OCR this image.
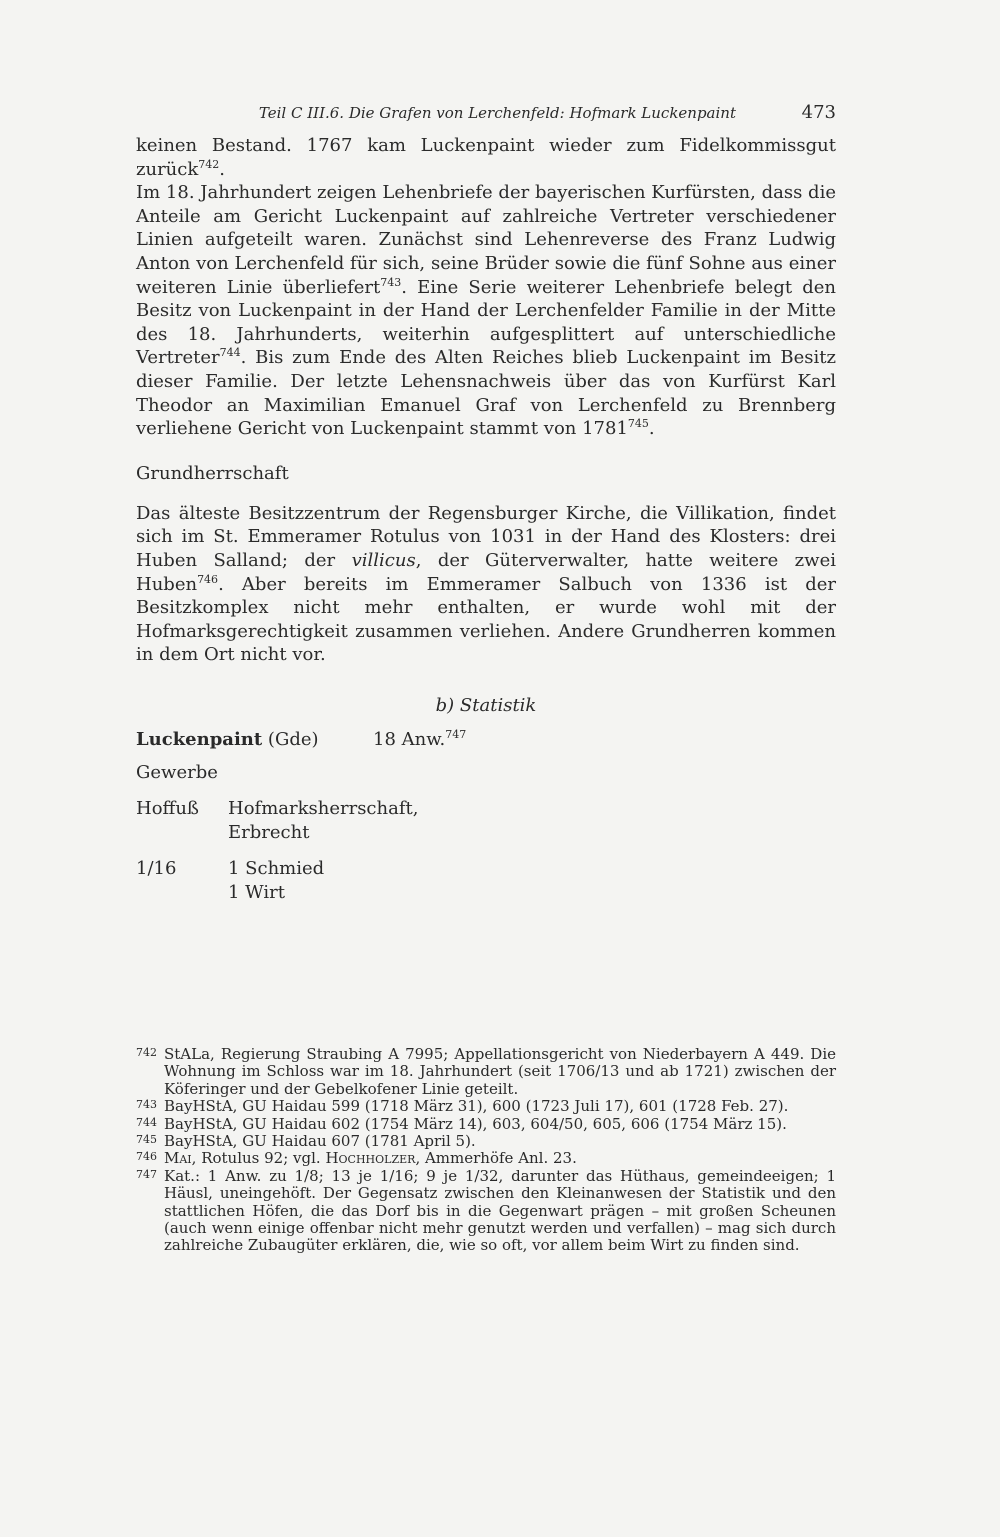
Teil C III.6. Die Grafen von Lerchenfeld: Hofmark Luckenpaint	473

keinen Bestand. 1767 kam Luckenpaint wieder zum Fidelkommissgut zurück$^{742}$.

Im 18. Jahrhundert zeigen Lehenbriefe der bayerischen Kurfürsten, dass die Anteile am Gericht Luckenpaint auf zahlreiche Vertreter verschiedener Linien aufgeteilt waren. Zunächst sind Lehenreverse des Franz Ludwig Anton von Lerchenfeld für sich, seine Brüder sowie die fünf Sohne aus einer weiteren Linie überliefert$^{743}$. Eine Serie weiterer Lehenbriefe belegt den Besitz von Luckenpaint in der Hand der Lerchenfelder Familie in der Mitte des 18. Jahrhunderts, weiterhin aufgesplittert auf unterschiedliche Vertreter$^{744}$. Bis zum Ende des Alten Reiches blieb Luckenpaint im Besitz dieser Familie. Der letzte Lehensnachweis über das von Kurfürst Karl Theodor an Maximilian Emanuel Graf von Lerchenfeld zu Brennberg verliehene Gericht von Luckenpaint stammt von 1781$^{745}$.

Grundherrschaft

Das älteste Besitzzentrum der Regensburger Kirche, die Villikation, findet sich im St. Emmeramer Rotulus von 1031 in der Hand des Klosters: drei Huben Salland; der villicus, der Güterverwalter, hatte weitere zwei Huben$^{746}$. Aber bereits im Emmeramer Salbuch von 1336 ist der Besitzkomplex nicht mehr enthalten, er wurde wohl mit der Hofmarksgerechtigkeit zusammen verliehen. Andere Grundherren kommen in dem Ort nicht vor.

b) Statistik
Luckenpaint (Gde)	18 Anw.$^{747}$
Gewerbe
Hoffuß	Hofmarksherrschaft,
Erbrecht
1/16	1 Schmied
1 Wirt
742 StALa, Regierung Straubing A 7995; Appellationsgericht von Niederbayern A 449. Die Wohnung im Schloss war im 18. Jahrhundert (seit 1706/13 und ab 1721) zwischen der Köferinger und der Gebelkofener Linie geteilt.
743 BayHStA, GU Haidau 599 (1718 März 31), 600 (1723 Juli 17), 601 (1728 Feb. 27).
744 BayHStA, GU Haidau 602 (1754 März 14), 603, 604/50, 605, 606 (1754 März 15).
745 BayHStA, GU Haidau 607 (1781 April 5).
746 Mai, Rotulus 92; vgl. Hochholzer, Ammerhöfe Anl. 23.
747 Kat.: 1 Anw. zu 1/8; 13 je 1/16; 9 je 1/32, darunter das Hüthaus, gemeindeeigen; 1 Häusl, uneingehöft. Der Gegensatz zwischen den Kleinanwesen der Statistik und den stattlichen Höfen, die das Dorf bis in die Gegenwart prägen – mit großen Scheunen (auch wenn einige offenbar nicht mehr genutzt werden und verfallen) – mag sich durch zahlreiche Zubaugüter erklären, die, wie so oft, vor allem beim Wirt zu finden sind.
